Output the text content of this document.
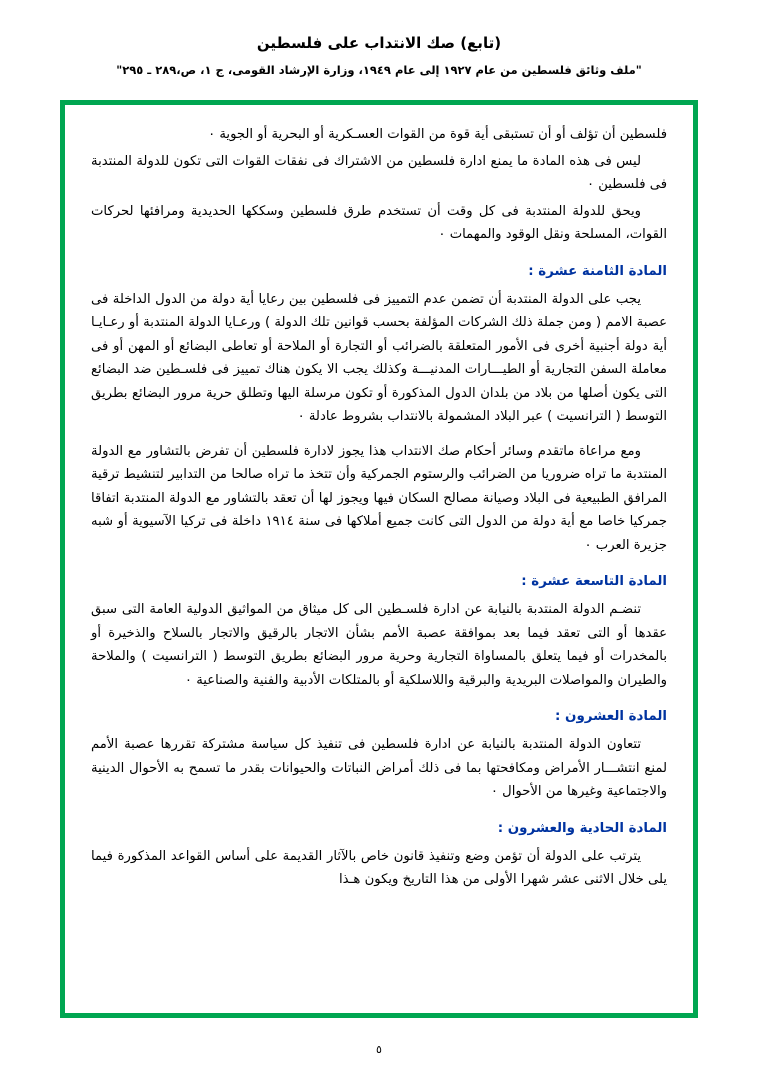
(تابع) صك الانتداب على فلسطين
"ملف وثائق فلسطين من عام ١٩٢٧ إلى عام ١٩٤٩، وزارة الإرشاد القومى، ج ١، ص،٢٨٩ ـ ٢٩٥"

فلسطين أن تؤلف أو أن تستبقى أية قوة من القوات العسـكرية أو البحرية أو الجوية ٠

ليس فى هذه المادة ما يمنع ادارة فلسطين من الاشتراك فى نفقات القوات التى تكون للدولة المنتدبة فى فلسطين ٠

ويحق للدولة المنتدبة فى كل وقت أن تستخدم طرق فلسطين وسككها الحديدية ومرافئها لحركات القوات، المسلحة ونقل الوقود والمهمات ٠

المادة الثامنة عشرة :

يجب على الدولة المنتدبة أن تضمن عدم التمييز فى فلسطين بين رعايا أية دولة من الدول الداخلة فى عصبة الامم ( ومن جملة ذلك الشركات المؤلفة بحسب قوانين تلك الدولة ) ورعـايا الدولة المنتدبة أو رعـايـا أية دولة أجنبية أخرى فى الأمور المتعلقة بالضرائب أو التجارة أو الملاحة أو تعاطى البضائع أو المهن أو فى معاملة السفن التجارية أو الطيـــارات المدنيـــة وكذلك يجب الا يكون هناك تمييز فى فلسـطين ضد البضائع التى يكون أصلها من بلاد من بلدان الدول المذكورة أو تكون مرسلة اليها وتطلق حرية مرور البضائع بطريق التوسط ( الترانسيت ) عبر البلاد المشمولة بالانتداب بشروط عادلة ٠

ومع مراعاة ماتقدم وسائر أحكام صك الانتداب هذا يجوز لادارة فلسطين أن تفرض بالتشاور مع الدولة المنتدبة ما تراه ضروريا من الضرائب والرستوم الجمركية وأن تتخذ ما تراه صالحا من التدابير لتنشيط ترقية المرافق الطبيعية فى البلاد وصيانة مصالح السكان فيها ويجوز لها أن تعقد بالتشاور مع الدولة المنتدبة اتفاقا جمركيا خاصا مع أية دولة من الدول التى كانت جميع أملاكها فى سنة ١٩١٤ داخلة فى تركيا الآسيوية أو شبه جزيرة العرب ٠

المادة التاسعة عشرة :

تنضـم الدولة المنتدبة بالنيابة عن ادارة فلسـطين الى كل ميثاق من المواثيق الدولية العامة التى سبق عقدها أو التى تعقد فيما بعد بموافقة عصبة الأمم بشأن الاتجار بالرقيق والاتجار بالسلاح والذخيرة أو بالمخدرات أو فيما يتعلق بالمساواة التجارية وحرية مرور البضائع بطريق التوسط ( الترانسيت ) والملاحة والطيران والمواصلات البريدية والبرقية واللاسلكية أو بالمتلكات الأدبية والفنية والصناعية ٠

المادة العشرون :

تتعاون الدولة المنتدبة بالنيابة عن ادارة فلسطين فى تنفيذ كل سياسة مشتركة تقررها عصبة الأمم لمنع انتشـــار الأمراض ومكافحتها بما فى ذلك أمراض النباتات والحيوانات بقدر ما تسمح به الأحوال الدينية والاجتماعية وغيرها من الأحوال ٠

المادة الحادية والعشرون :

يترتب على الدولة أن تؤمن وضع وتنفيذ قانون خاص بالآثار القديمة على أساس القواعد المذكورة فيما يلى خلال الاثنى عشر شهرا الأولى من هذا التاريخ ويكون هـذا

٥
